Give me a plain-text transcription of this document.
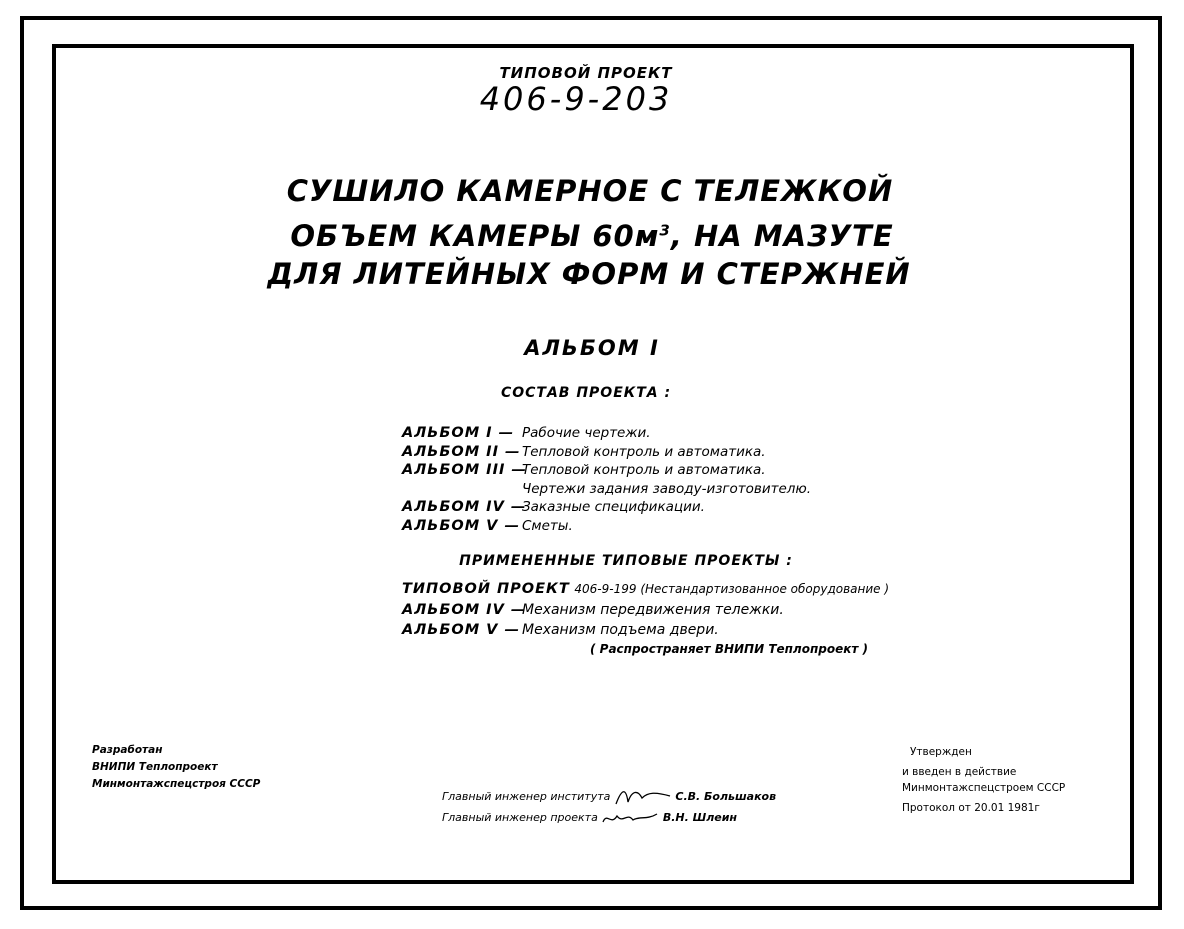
ТИПОВОЙ ПРОЕКТ
406-9-203
СУШИЛО КАМЕРНОЕ С ТЕЛЕЖКОЙ
ОБЪЕМ КАМЕРЫ $60м^3$, НА МАЗУТЕ
ДЛЯ ЛИТЕЙНЫХ ФОРМ И СТЕРЖНЕЙ
АЛЬБОМ I
СОСТАВ ПРОЕКТА :
АЛЬБОМ I — Рабочие чертежи.
АЛЬБОМ II —Тепловой контроль и автоматика.
АЛЬБОМ III —Тепловой контроль и автоматика.
Чертежи задания заводу-изготовителю.
АЛЬБОМ IV —Заказные спецификации.
АЛЬБОМ V — Сметы.
ПРИМЕНЕННЫЕ ТИПОВЫЕ ПРОЕКТЫ :
ТИПОВОЙ ПРОЕКТ 406-9-199 (Нестандартизованное оборудование )
АЛЬБОМ IV —Механизм передвижения тележки.
АЛЬБОМ V — Механизм подъема двери.
( Распространяет ВНИПИ Теплопроект )
Разработан
ВНИПИ Теплопроект
Минмонтажспецстроя СССР
Главный инженер института	С.В. Большаков
Главный инженер проекта	В.Н. Шлеин
Утвержден
и введен в действие
Минмонтажспецстроем СССР
Протокол от 20.01 1981г
